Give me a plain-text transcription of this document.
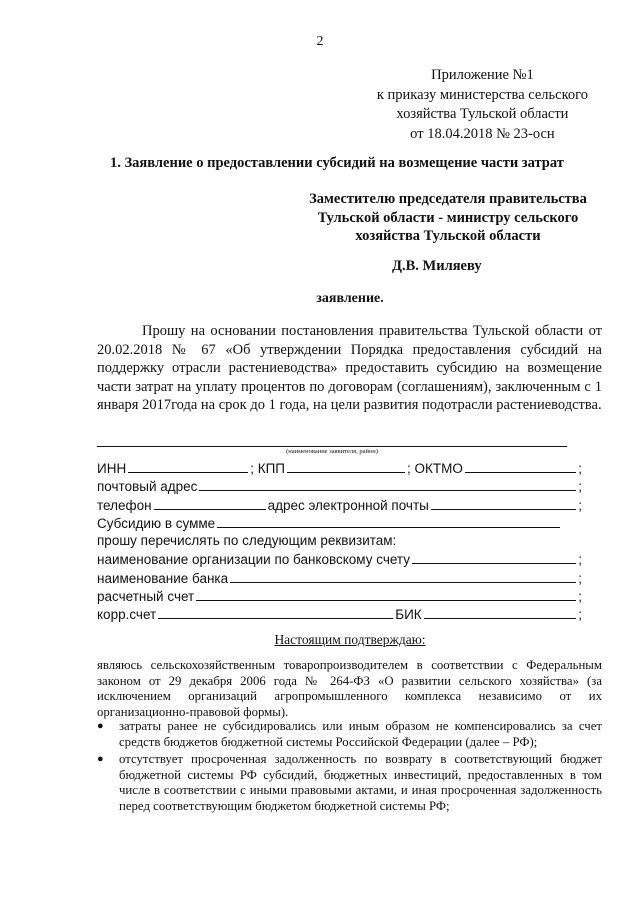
2
Приложение №1
к приказу министерства сельского
хозяйства Тульской области
от 18.04.2018 № 23-осн
1. Заявление о предоставлении субсидий на возмещение части затрат
Заместителю председателя правительства
Тульской области - министру сельского
хозяйства Тульской области
Д.В. Миляеву
заявление.
Прошу на основании постановления правительства Тульской области от 20.02.2018 № 67 «Об утверждении Порядка предоставления субсидий на поддержку отрасли растениеводства» предоставить субсидию на возмещение части затрат на уплату процентов по договорам (соглашениям), заключенным с 1 января 2017года на срок до 1 года, на цели развития подотрасли растениеводства.
(наименование заявителя, район)
ИНН	; КПП	; ОКТМО	;
почтовый адрес	;
телефон	адрес электронной почты	;
Субсидию в сумме
прошу перечислять по следующим реквизитам:
наименование организации по банковскому счету	;
наименование банка	;
расчетный счет	;
корр.счет	БИК	;
Настоящим подтверждаю:
являюсь сельскохозяйственным товаропроизводителем в соответствии с Федеральным законом от 29 декабря 2006 года № 264-ФЗ «О развитии сельского хозяйства» (за исключением организаций агропромышленного комплекса независимо от их организационно-правовой формы).
●	затраты ранее не субсидировались или иным образом не компенсировались за счет средств бюджетов бюджетной системы Российской Федерации (далее – РФ);
●	отсутствует просроченная задолженность по возврату в соответствующий бюджет бюджетной системы РФ субсидий, бюджетных инвестиций, предоставленных в том числе в соответствии с иными правовыми актами, и иная просроченная задолженность перед соответствующим бюджетом бюджетной системы РФ;
